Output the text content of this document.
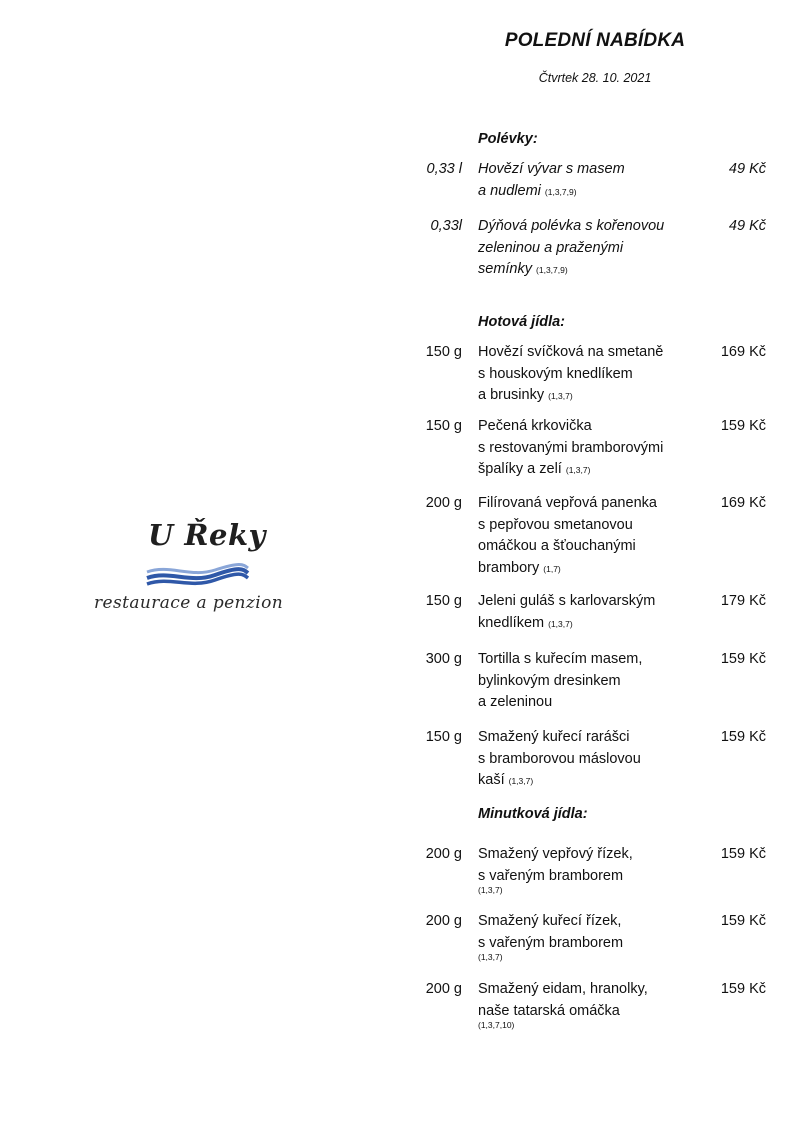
POLEDNÍ NABÍDKA
Čtvrtek 28. 10. 2021
U Řeky
restaurace a penzion
Polévky:
0,33 l Hovězí vývar s masem
a nudlemi (1,3,7,9)
49 Kč
0,33l Dýňová polévka s kořenovou
zeleninou a praženými
semínky (1,3,7,9)
49 Kč
Hotová jídla:
150 g Hovězí svíčková na smetaně
s houskovým knedlíkem
a brusinky (1,3,7)
169 Kč
150 g Pečená krkovička
s restovanými bramborovými
špalíky a zelí (1,3,7)
159 Kč
200 g Filírovaná vepřová panenka
s pepřovou smetanovou
omáčkou a šťouchanými
brambory (1,7)
169 Kč
150 g Jeleni guláš s karlovarským
knedlíkem (1,3,7)
179 Kč
300 g Tortilla s kuřecím masem,
bylinkovým dresinkem
a zeleninou
159 Kč
150 g Smažený kuřecí rarášci
s bramborovou máslovou
kaší (1,3,7)
159 Kč
Minutková jídla:
200 g Smažený vepřový řízek,
s vařeným bramborem
$^{(1,3,7)}$
159 Kč
200 g Smažený kuřecí řízek,
s vařeným bramborem
$^{(1,3,7)}$
159 Kč
200 g Smažený eidam, hranolky,
naše tatarská omáčka
$^{(1,3,7,10)}$
159 Kč
